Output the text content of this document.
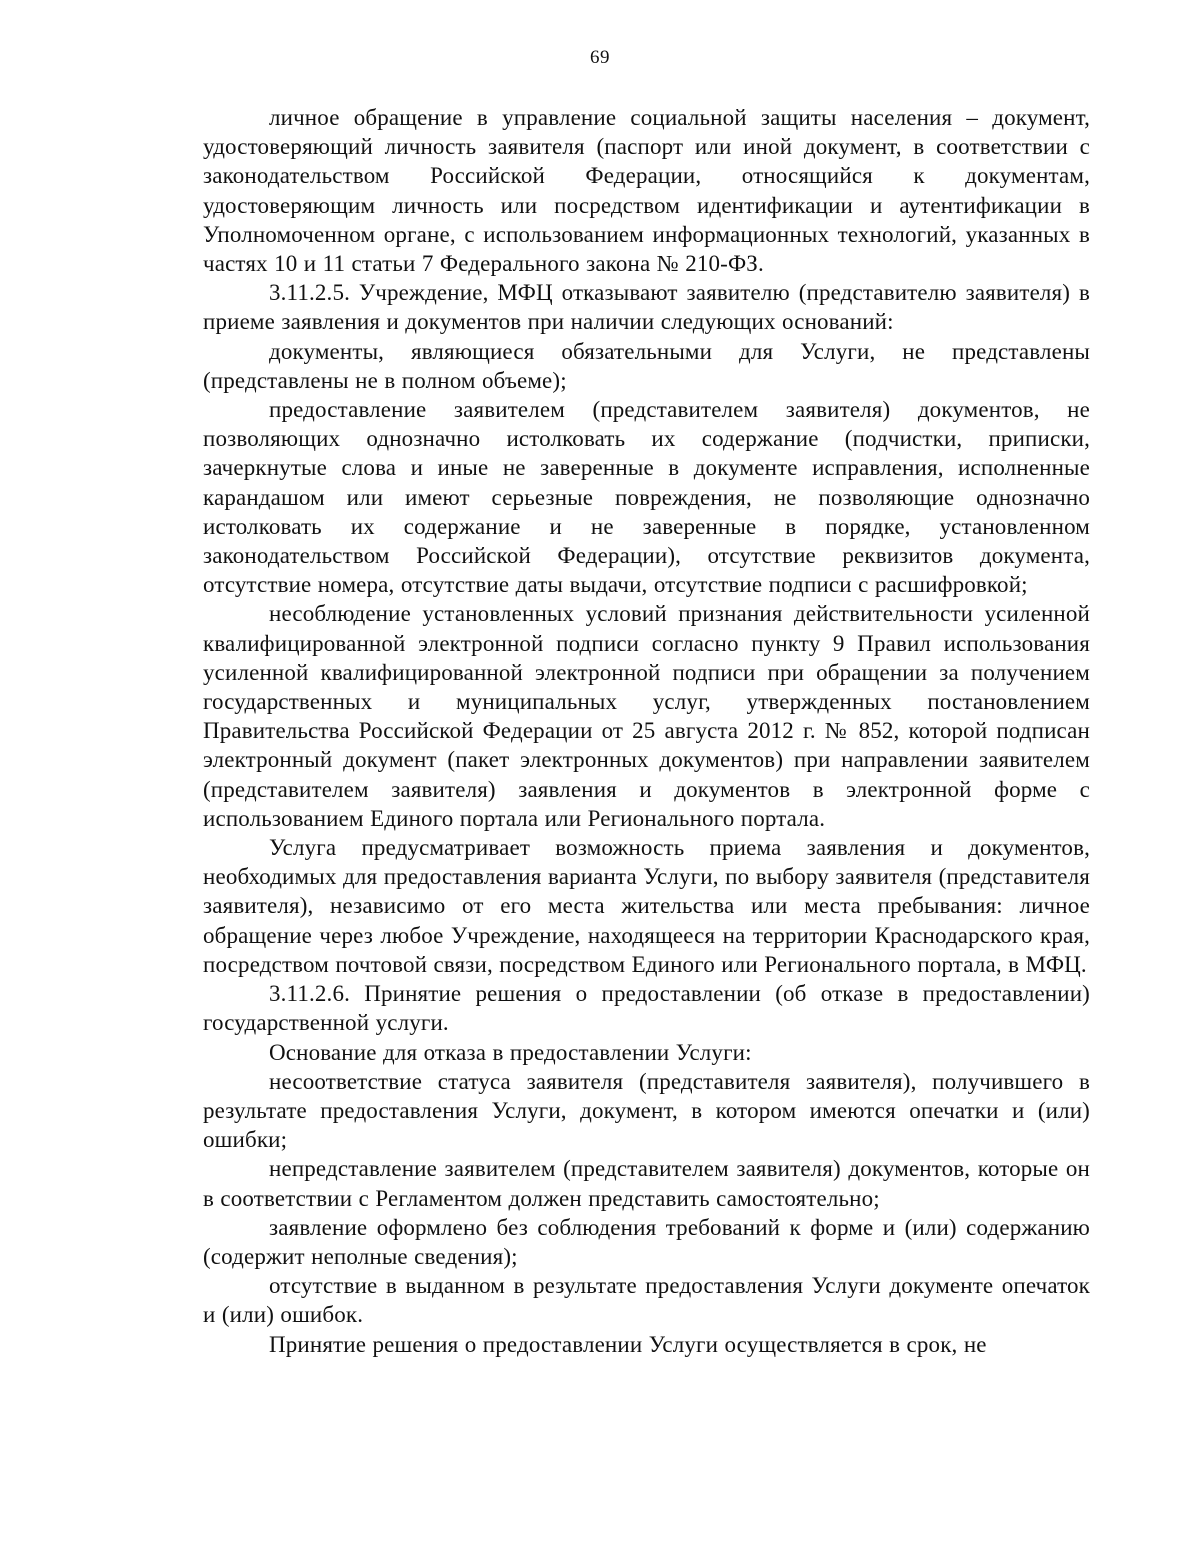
69

личное обращение в управление социальной защиты населения – документ, удостоверяющий личность заявителя (паспорт или иной документ, в соответствии с законодательством Российской Федерации, относящийся к документам, удостоверяющим личность или посредством идентификации и аутентификации в Уполномоченном органе, с использованием информационных технологий, указанных в частях 10 и 11 статьи 7 Федерального закона № 210-ФЗ.

3.11.2.5. Учреждение, МФЦ отказывают заявителю (представителю заявителя) в приеме заявления и документов при наличии следующих оснований:

документы, являющиеся обязательными для Услуги, не представлены (представлены не в полном объеме);

предоставление заявителем (представителем заявителя) документов, не позволяющих однозначно истолковать их содержание (подчистки, приписки, зачеркнутые слова и иные не заверенные в документе исправления, исполненные карандашом или имеют серьезные повреждения, не позволяющие однозначно истолковать их содержание и не заверенные в порядке, установленном законодательством Российской Федерации), отсутствие реквизитов документа, отсутствие номера, отсутствие даты выдачи, отсутствие подписи с расшифровкой;

несоблюдение установленных условий признания действительности усиленной квалифицированной электронной подписи согласно пункту 9 Правил использования усиленной квалифицированной электронной подписи при обращении за получением государственных и муниципальных услуг, утвержденных постановлением Правительства Российской Федерации от 25 августа 2012 г. № 852, которой подписан электронный документ (пакет электронных документов) при направлении заявителем (представителем заявителя) заявления и документов в электронной форме с использованием Единого портала или Регионального портала.

Услуга предусматривает возможность приема заявления и документов, необходимых для предоставления варианта Услуги, по выбору заявителя (представителя заявителя), независимо от его места жительства или места пребывания: личное обращение через любое Учреждение, находящееся на территории Краснодарского края, посредством почтовой связи, посредством Единого или Регионального портала, в МФЦ.

3.11.2.6. Принятие решения о предоставлении (об отказе в предоставлении) государственной услуги.

Основание для отказа в предоставлении Услуги:

несоответствие статуса заявителя (представителя заявителя), получившего в результате предоставления Услуги, документ, в котором имеются опечатки и (или) ошибки;

непредставление заявителем (представителем заявителя) документов, которые он в соответствии с Регламентом должен представить самостоятельно;

заявление оформлено без соблюдения требований к форме и (или) содержанию (содержит неполные сведения);

отсутствие в выданном в результате предоставления Услуги документе опечаток и (или) ошибок.

Принятие решения о предоставлении Услуги осуществляется в срок, не
